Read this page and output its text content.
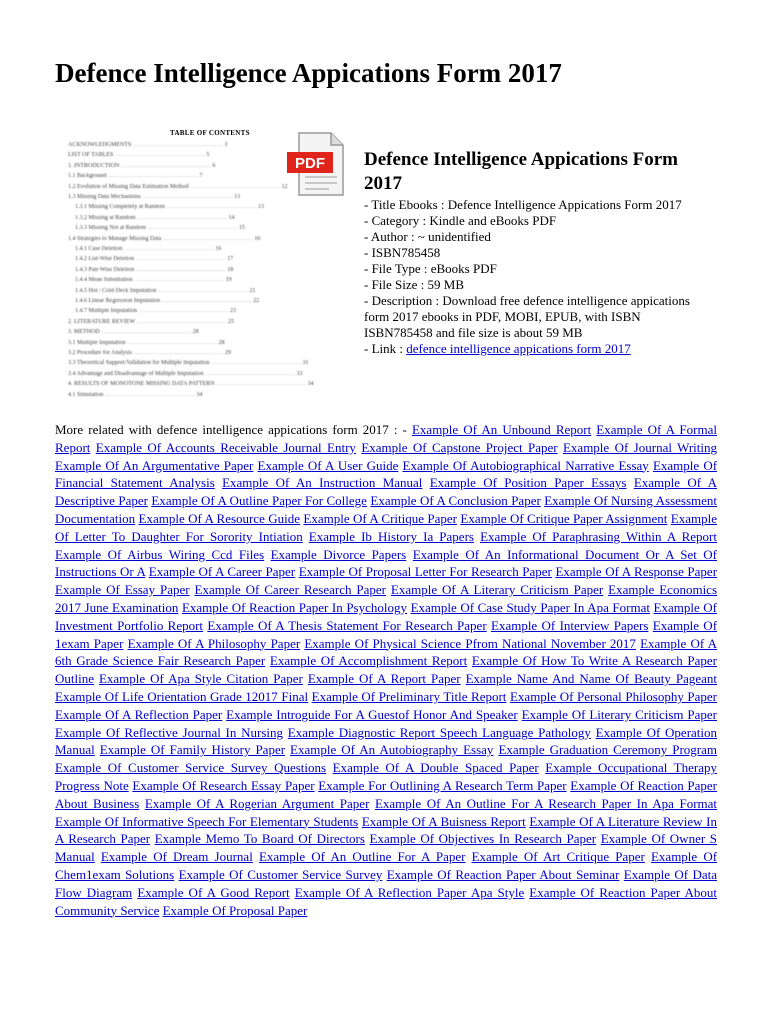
Defence Intelligence Appications Form 2017
TABLE OF CONTENTS
ACKNOWLEDGMENTS ............................................................ 3
LIST OF TABLES ............................................................ 5
1. INTRODUCTION ............................................................ 6
1.1 Background ............................................................ 7
1.2 Evolution of Missing Data Estimation Method ............................................................ 12
1.3 Missing Data Mechanisms ............................................................ 13
1.3.1 Missing Completely at Random ............................................................ 13
1.3.2 Missing at Random ............................................................ 14
1.3.3 Missing Not at Random ............................................................ 15
1.4 Strategies to Manage Missing Data ............................................................ 16
1.4.1 Case Deletion ............................................................ 16
1.4.2 List-Wise Deletion ............................................................ 17
1.4.3 Pair-Wise Deletion ............................................................ 18
1.4.4 Mean Substitution ............................................................ 19
1.4.5 Hot / Cold-Deck Imputation ............................................................ 21
1.4.6 Linear Regression Imputation ............................................................ 22
1.4.7 Multiple Imputation ............................................................ 23
2. LITERATURE REVIEW ............................................................ 25
3. METHOD ............................................................ 28
3.1 Multiple Imputation ............................................................ 28
3.2 Procedure for Analysis ............................................................ 29
3.3 Theoretical Support/Validation for Multiple Imputation ............................................................ 31
3.4 Advantage and Disadvantage of Multiple Imputation ............................................................ 33
4. RESULTS OF MONOTONE MISSING DATA PATTERN ............................................................ 34
4.1 Simulation ............................................................ 34
PDF Defence Intelligence Appications Form 2017
- Title Ebooks : Defence Intelligence Appications Form 2017
- Category : Kindle and eBooks PDF
- Author : ~ unidentified
- ISBN785458
- File Type : eBooks PDF
- File Size : 59 MB
- Description : Download free defence intelligence appications form 2017 ebooks in PDF, MOBI, EPUB, with ISBN ISBN785458 and file size is about 59 MB
- Link : defence intelligence appications form 2017
More related with defence intelligence appications form 2017 : - Example Of An Unbound Report Example Of A Formal Report Example Of Accounts Receivable Journal Entry Example Of Capstone Project Paper Example Of Journal Writing Example Of An Argumentative Paper Example Of A User Guide Example Of Autobiographical Narrative Essay Example Of Financial Statement Analysis Example Of An Instruction Manual Example Of Position Paper Essays Example Of A Descriptive Paper Example Of A Outline Paper For College Example Of A Conclusion Paper Example Of Nursing Assessment Documentation Example Of A Resource Guide Example Of A Critique Paper Example Of Critique Paper Assignment Example Of Letter To Daughter For Sorority Intiation Example Ib History Ia Papers Example Of Paraphrasing Within A Report Example Of Airbus Wiring Ccd Files Example Divorce Papers Example Of An Informational Document Or A Set Of Instructions Or A Example Of A Career Paper Example Of Proposal Letter For Research Paper Example Of A Response Paper Example Of Essay Paper Example Of Career Research Paper Example Of A Literary Criticism Paper Example Economics 2017 June Examination Example Of Reaction Paper In Psychology Example Of Case Study Paper In Apa Format Example Of Investment Portfolio Report Example Of A Thesis Statement For Research Paper Example Of Interview Papers Example Of 1exam Paper Example Of A Philosophy Paper Example Of Physical Science Pfrom National November 2017 Example Of A 6th Grade Science Fair Research Paper Example Of Accomplishment Report Example Of How To Write A Research Paper Outline Example Of Apa Style Citation Paper Example Of A Report Paper Example Name And Name Of Beauty Pageant Example Of Life Orientation Grade 12017 Final Example Of Preliminary Title Report Example Of Personal Philosophy Paper Example Of A Reflection Paper Example Introguide For A Guestof Honor And Speaker Example Of Literary Criticism Paper Example Of Reflective Journal In Nursing Example Diagnostic Report Speech Language Pathology Example Of Operation Manual Example Of Family History Paper Example Of An Autobiography Essay Example Graduation Ceremony Program Example Of Customer Service Survey Questions Example Of A Double Spaced Paper Example Occupational Therapy Progress Note Example Of Research Essay Paper Example For Outlining A Research Term Paper Example Of Reaction Paper About Business Example Of A Rogerian Argument Paper Example Of An Outline For A Research Paper In Apa Format Example Of Informative Speech For Elementary Students Example Of A Buisness Report Example Of A Literature Review In A Research Paper Example Memo To Board Of Directors Example Of Objectives In Research Paper Example Of Owner S Manual Example Of Dream Journal Example Of An Outline For A Paper Example Of Art Critique Paper Example Of Chem1exam Solutions Example Of Customer Service Survey Example Of Reaction Paper About Seminar Example Of Data Flow Diagram Example Of A Good Report Example Of A Reflection Paper Apa Style Example Of Reaction Paper About Community Service Example Of Proposal Paper
